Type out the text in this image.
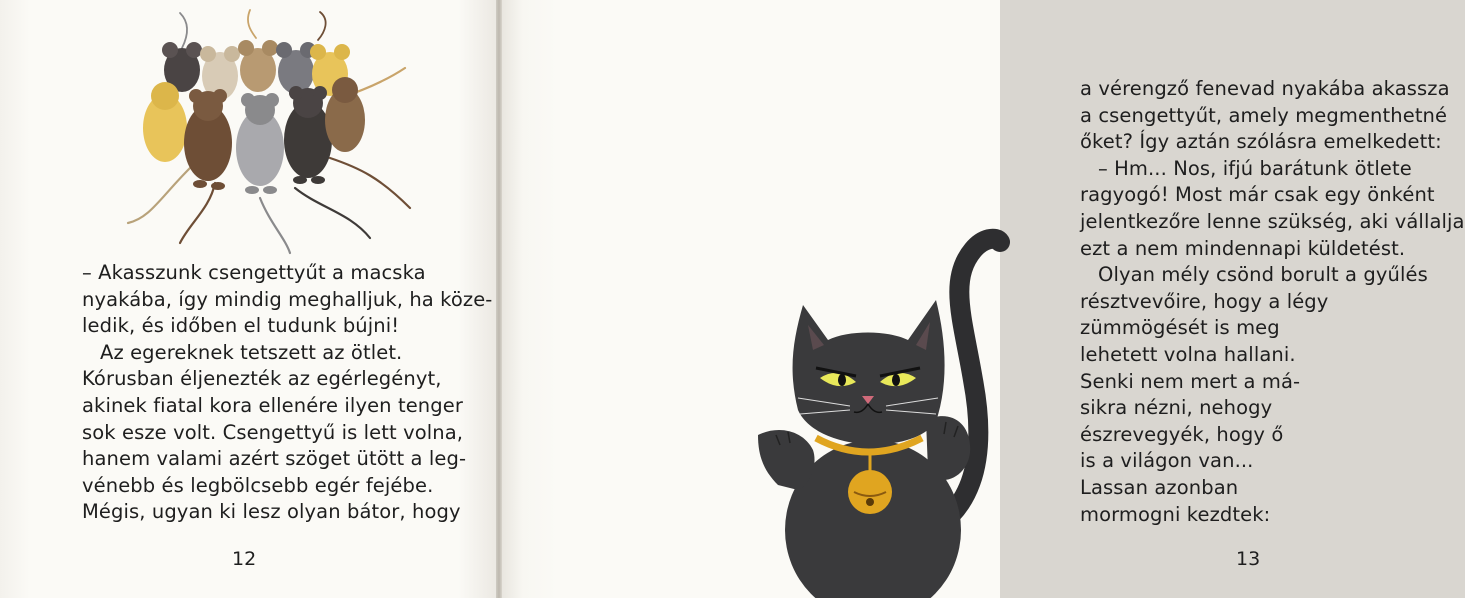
– Akasszunk csengettyűt a macska
nyakába, így mindig meghalljuk, ha köze-
ledik, és időben el tudunk bújni!
Az egereknek tetszett az ötlet.
Kórusban éljenezték az egérlegényt,
akinek fiatal kora ellenére ilyen tenger
sok esze volt. Csengettyű is lett volna,
hanem valami azért szöget ütött a leg-
vénebb és legbölcsebb egér fejébe.
Mégis, ugyan ki lesz olyan bátor, hogy
12
a vérengző fenevad nyakába akassza
a csengettyűt, amely megmenthetné
őket? Így aztán szólásra emelkedett:
– Hm... Nos, ifjú barátunk ötlete
ragyogó! Most már csak egy önként
jelentkezőre lenne szükség, aki vállalja
ezt a nem mindennapi küldetést.
Olyan mély csönd borult a gyűlés
résztvevőire, hogy a légy
zümmögését is meg
lehetett volna hallani.
Senki nem mert a má-
sikra nézni, nehogy
észrevegyék, hogy ő
is a világon van...
Lassan azonban
mormogni kezdtek:
13
